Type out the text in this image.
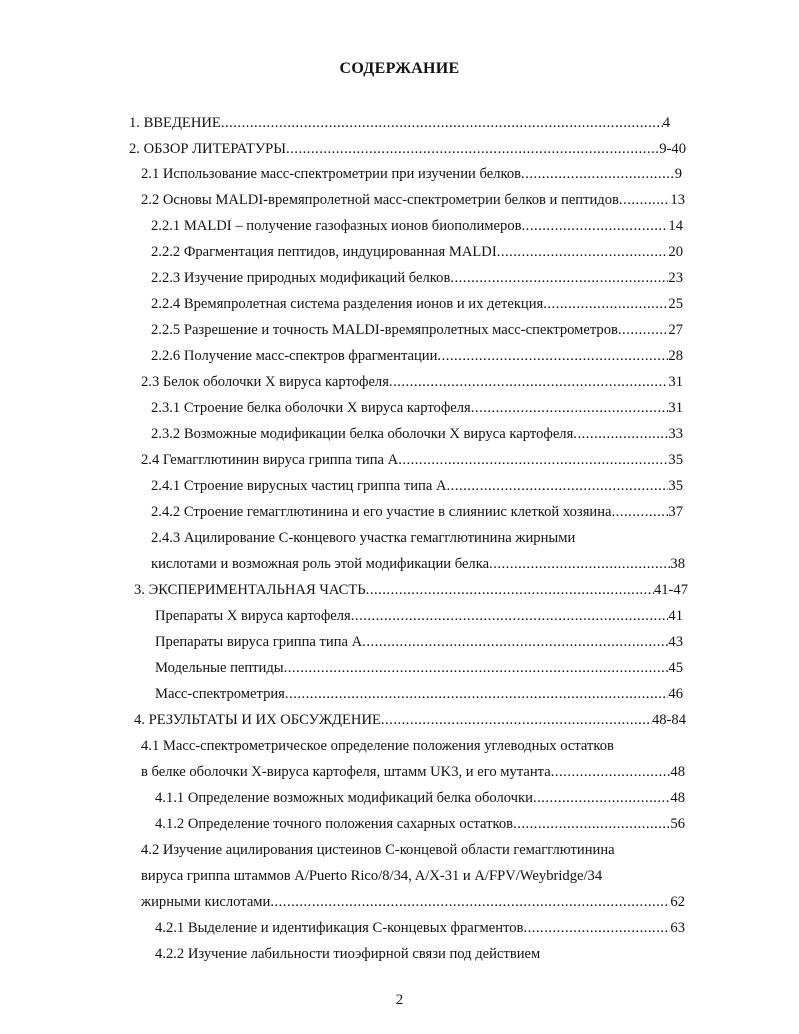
СОДЕРЖАНИЕ
1. ВВЕДЕНИЕ .....	4
2. ОБЗОР ЛИТЕРАТУРЫ .....	9-40
2.1 Использование масс-спектрометрии при изучении белков .....	9
2.2 Основы MALDI-времяпролетной масс-спектрометрии белков и пептидов .....	13
2.2.1 MALDI – получение газофазных ионов биополимеров .....	14
2.2.2 Фрагментация пептидов, индуцированная MALDI .....	20
2.2.3 Изучение природных модификаций белков .....	23
2.2.4 Времяпролетная система разделения ионов и их детекция .....	25
2.2.5 Разрешение и точность MALDI-времяпролетных масс-спектрометров .....	27
2.2.6 Получение масс-спектров фрагментации .....	28
2.3 Белок оболочки Х вируса картофеля .....	31
2.3.1 Строение белка оболочки Х вируса картофеля .....	31
2.3.2 Возможные модификации белка оболочки Х вируса картофеля .....	33
2.4 Гемагглютинин вируса гриппа типа А .....	35
2.4.1 Строение вирусных частиц гриппа типа А .....	35
2.4.2 Строение гемагглютинина и его участие в слиянииc клеткой хозяина .....	37
2.4.3 Ацилирование С-концевого участка гемагглютинина жирными
кислотами и возможная роль этой модификации белка .....	38
3. ЭКСПЕРИМЕНТАЛЬНАЯ ЧАСТЬ .....	41-47
Препараты Х вируса картофеля .....	41
Препараты вируса гриппа типа А .....	43
Модельные пептиды .....	45
Масс-спектрометрия .....	46
4. РЕЗУЛЬТАТЫ И ИХ ОБСУЖДЕНИЕ .....	48-84
4.1 Масс-спектрометрическое определение положения углеводных остатков
в белке оболочки Х-вируса картофеля, штамм UK3, и его мутанта .....	48
4.1.1 Определение возможных модификаций белка оболочки .....	48
4.1.2 Определение точного положения сахарных остатков .....	56
4.2 Изучение ацилирования цистеинов С-концевой области гемагглютинина
вируса гриппа штаммов A/Puerto Rico/8/34, A/X-31 и A/FPV/Weybridge/34
жирными кислотами .....	62
4.2.1 Выделение и идентификация С-концевых фрагментов .....	63
4.2.2 Изучение лабильности тиоэфирной связи под действием
2
